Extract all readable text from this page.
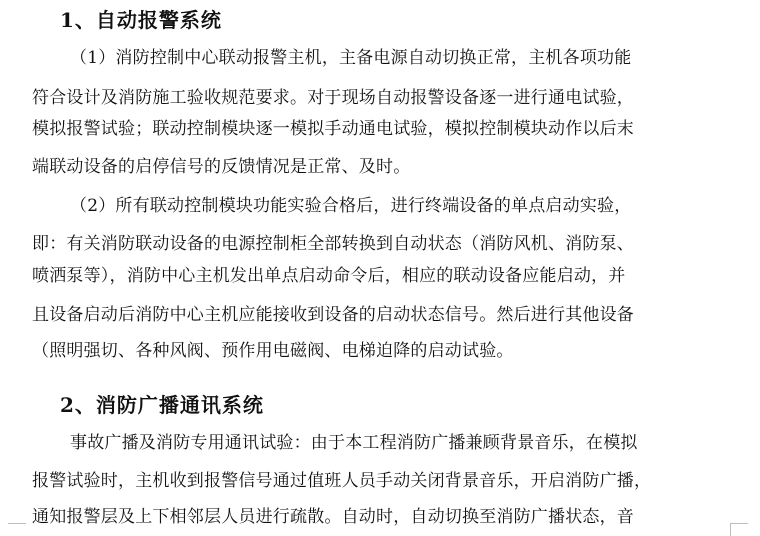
1、自动报警系统
（1）消防控制中心联动报警主机，主备电源自动切换正常，主机各项功能
符合设计及消防施工验收规范要求。对于现场自动报警设备逐一进行通电试验，
模拟报警试验；联动控制模块逐一模拟手动通电试验，模拟控制模块动作以后末
端联动设备的启停信号的反馈情况是正常、及时。
（2）所有联动控制模块功能实验合格后，进行终端设备的单点启动实验，
即：有关消防联动设备的电源控制柜全部转换到自动状态（消防风机、消防泵、
喷洒泵等），消防中心主机发出单点启动命令后，相应的联动设备应能启动，并
且设备启动后消防中心主机应能接收到设备的启动状态信号。然后进行其他设备
（照明强切、各种风阀、预作用电磁阀、电梯迫降的启动试验。
2、消防广播通讯系统
事故广播及消防专用通讯试验：由于本工程消防广播兼顾背景音乐，在模拟
报警试验时，主机收到报警信号通过值班人员手动关闭背景音乐，开启消防广播，
通知报警层及上下相邻层人员进行疏散。自动时，自动切换至消防广播状态，音
